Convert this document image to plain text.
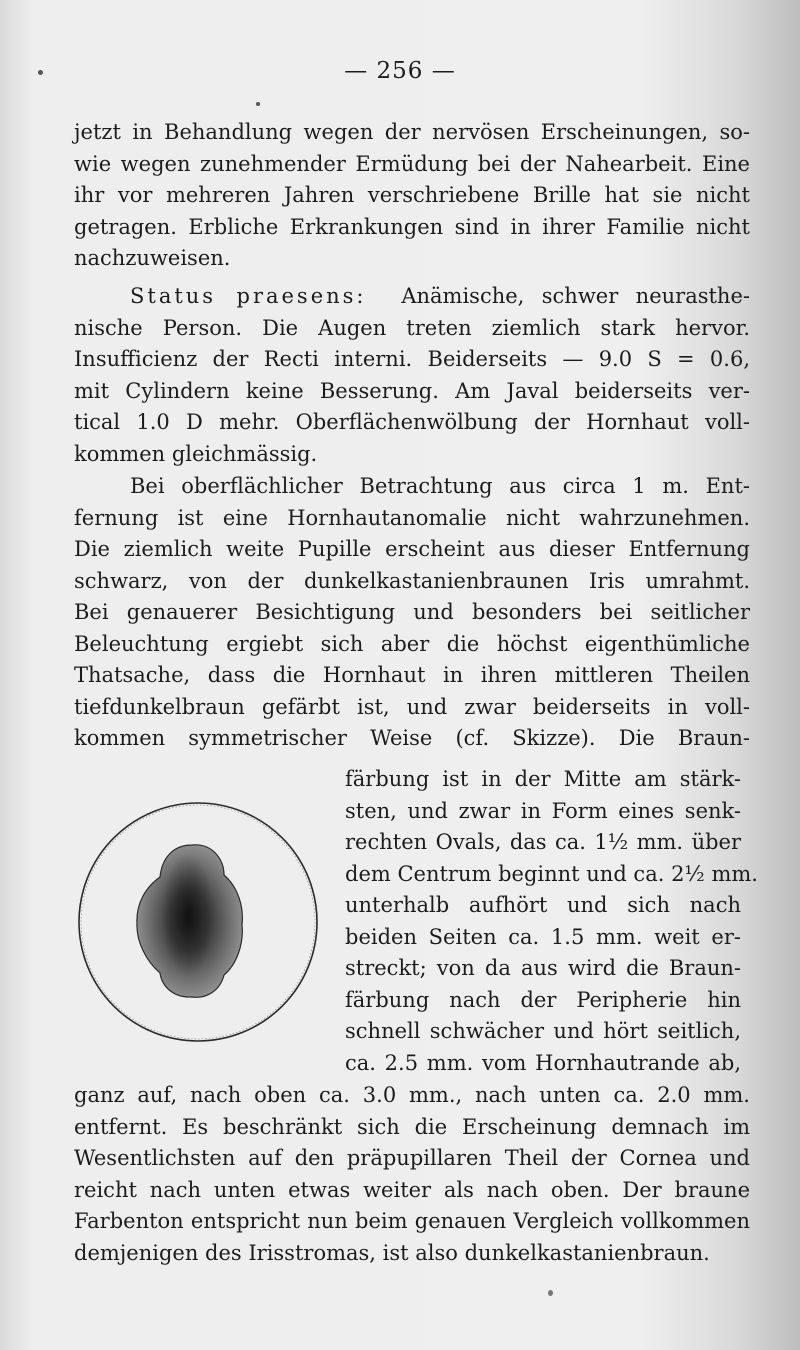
— 256 —
jetzt in Behandlung wegen der nervösen Erscheinungen, so-
wie wegen zunehmender Ermüdung bei der Nahearbeit. Eine
ihr vor mehreren Jahren verschriebene Brille hat sie nicht
getragen. Erbliche Erkrankungen sind in ihrer Familie nicht
nachzuweisen.
Status praesens: Anämische, schwer neurasthe-
nische Person. Die Augen treten ziemlich stark hervor.
Insufficienz der Recti interni. Beiderseits — 9.0 S = 0.6,
mit Cylindern keine Besserung. Am Javal beiderseits ver-
tical 1.0 D mehr. Oberflächenwölbung der Hornhaut voll-
kommen gleichmässig.
Bei oberflächlicher Betrachtung aus circa 1 m. Ent-
fernung ist eine Hornhautanomalie nicht wahrzunehmen.
Die ziemlich weite Pupille erscheint aus dieser Entfernung
schwarz, von der dunkelkastanienbraunen Iris umrahmt.
Bei genauerer Besichtigung und besonders bei seitlicher
Beleuchtung ergiebt sich aber die höchst eigenthümliche
Thatsache, dass die Hornhaut in ihren mittleren Theilen
tiefdunkelbraun gefärbt ist, und zwar beiderseits in voll-
kommen symmetrischer Weise (cf. Skizze). Die Braun-
färbung ist in der Mitte am stärk-
sten, und zwar in Form eines senk-
rechten Ovals, das ca. 1½ mm. über
dem Centrum beginnt und ca. 2½ mm.
unterhalb aufhört und sich nach
beiden Seiten ca. 1.5 mm. weit er-
streckt; von da aus wird die Braun-
färbung nach der Peripherie hin
schnell schwächer und hört seitlich,
ca. 2.5 mm. vom Hornhautrande ab,
ganz auf, nach oben ca. 3.0 mm., nach unten ca. 2.0 mm.
entfernt. Es beschränkt sich die Erscheinung demnach im
Wesentlichsten auf den präpupillaren Theil der Cornea und
reicht nach unten etwas weiter als nach oben. Der braune
Farbenton entspricht nun beim genauen Vergleich vollkommen
demjenigen des Irisstromas, ist also dunkelkastanienbraun.
